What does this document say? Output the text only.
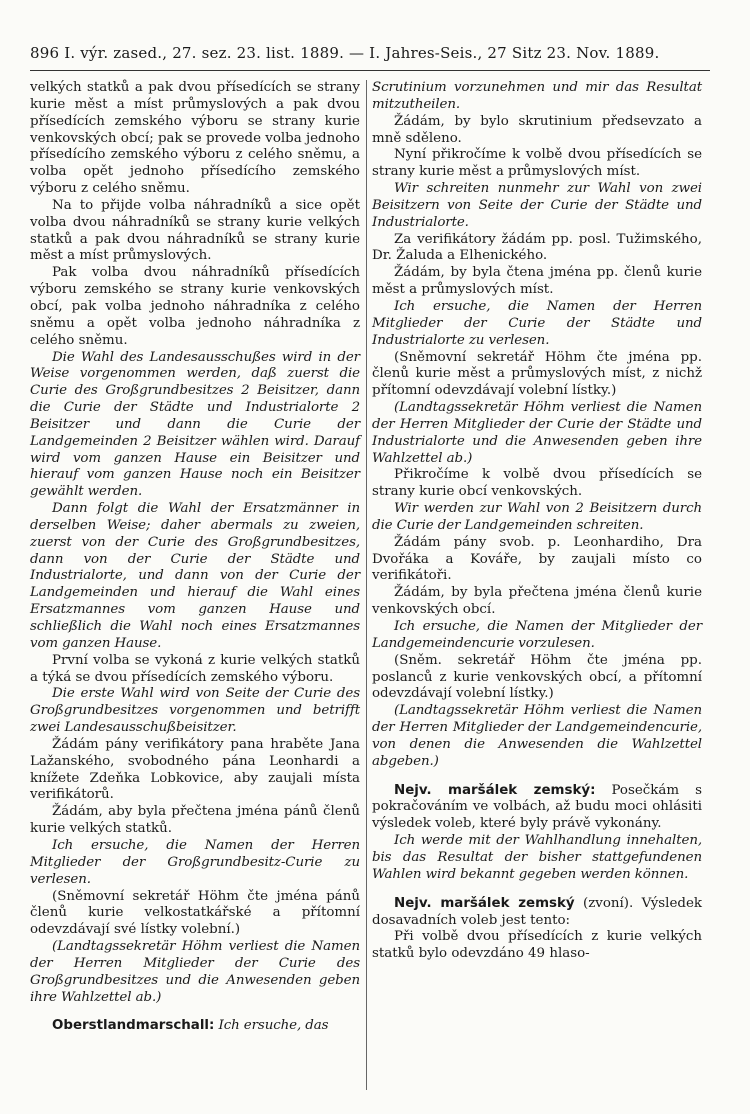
896 I. výr. zased., 27. sez. 23. list. 1889. — I. Jahres-Seis., 27 Sitz 23. Nov. 1889.

velkých statků a pak dvou přísedících se strany kurie měst a míst průmyslových a pak dvou přísedících zemského výboru se strany kurie venkovských obcí; pak se provede volba jednoho přísedícího zemského výboru z celého sněmu, a volba opět jednoho přísedícího zemského výboru z celého sněmu.

Na to přijde volba náhradníků a sice opět volba dvou náhradníků se strany kurie velkých statků a pak dvou náhradníků se strany kurie měst a míst průmyslových.

Pak volba dvou náhradníků přísedících výboru zemského se strany kurie venkovských obcí, pak volba jednoho náhradníka z celého sněmu a opět volba jednoho náhradníka z celého sněmu.

Die Wahl des Landesausschußes wird in der Weise vorgenommen werden, daß zuerst die Curie des Großgrundbesitzes 2 Beisitzer, dann die Curie der Städte und Industrialorte 2 Beisitzer und dann die Curie der Landgemeinden 2 Beisitzer wählen wird. Darauf wird vom ganzen Hause ein Beisitzer und hierauf vom ganzen Hause noch ein Beisitzer gewählt werden.

Dann folgt die Wahl der Ersatzmänner in derselben Weise; daher abermals zu zweien, zuerst von der Curie des Großgrundbesitzes, dann von der Curie der Städte und Industrialorte, und dann von der Curie der Landgemeinden und hierauf die Wahl eines Ersatzmannes vom ganzen Hause und schließlich die Wahl noch eines Ersatzmannes vom ganzen Hause.

První volba se vykoná z kurie velkých statků a týká se dvou přísedících zemského výboru.

Die erste Wahl wird von Seite der Curie des Großgrundbesitzes vorgenommen und betrifft zwei Landesausschußbeisitzer.

Žádám pány verifikátory pana hraběte Jana Lažanského, svobodného pána Leonhardi a knížete Zdeňka Lobkovice, aby zaujali místa verifikátorů.

Žádám, aby byla přečtena jména pánů členů kurie velkých statků.

Ich ersuche, die Namen der Herren Mitglieder der Großgrundbesitz-Curie zu verlesen.

(Sněmovní sekretář Höhm čte jména pánů členů kurie velkostatkářské a přítomní odevzdávají své lístky volební.)

(Landtagssekretär Höhm verliest die Namen der Herren Mitglieder der Curie des Großgrundbesitzes und die Anwesenden geben ihre Wahlzettel ab.)

Oberstlandmarschall: Ich ersuche, das

Scrutinium vorzunehmen und mir das Resultat mitzutheilen.

Žádám, by bylo skrutinium předsevzato a mně sděleno.

Nyní přikročíme k volbě dvou přísedících se strany kurie měst a průmyslových míst.

Wir schreiten nunmehr zur Wahl von zwei Beisitzern von Seite der Curie der Städte und Industrialorte.

Za verifikátory žádám pp. posl. Tužimského, Dr. Žaluda a Elhenického.

Žádám, by byla čtena jména pp. členů kurie měst a průmyslových míst.

Ich ersuche, die Namen der Herren Mitglieder der Curie der Städte und Industrialorte zu verlesen.

(Sněmovní sekretář Höhm čte jména pp. členů kurie měst a průmyslových míst, z nichž přítomní odevzdávají volební lístky.)

(Landtagssekretär Höhm verliest die Namen der Herren Mitglieder der Curie der Städte und Industrialorte und die Anwesenden geben ihre Wahlzettel ab.)

Přikročíme k volbě dvou přísedících se strany kurie obcí venkovských.

Wir werden zur Wahl von 2 Beisitzern durch die Curie der Landgemeinden schreiten.

Žádám pány svob. p. Leonhardiho, Dra Dvořáka a Kováře, by zaujali místo co verifikátoři.

Žádám, by byla přečtena jména členů kurie venkovských obcí.

Ich ersuche, die Namen der Mitglieder der Landgemeindencurie vorzulesen.

(Sněm. sekretář Höhm čte jména pp. poslanců z kurie venkovských obcí, a přítomní odevzdávají volební lístky.)

(Landtagssekretär Höhm verliest die Namen der Herren Mitglieder der Landgemeindencurie, von denen die Anwesenden die Wahlzettel abgeben.)

Nejv. maršálek zemský: Posečkám s pokračováním ve volbách, až budu moci ohlásiti výsledek voleb, které byly právě vykonány.

Ich werde mit der Wahlhandlung innehalten, bis das Resultat der bisher stattgefundenen Wahlen wird bekannt gegeben werden können.

Nejv. maršálek zemský (zvoní). Výsledek dosavadních voleb jest tento:

Při volbě dvou přísedících z kurie velkých statků bylo odevzdáno 49 hlaso-
